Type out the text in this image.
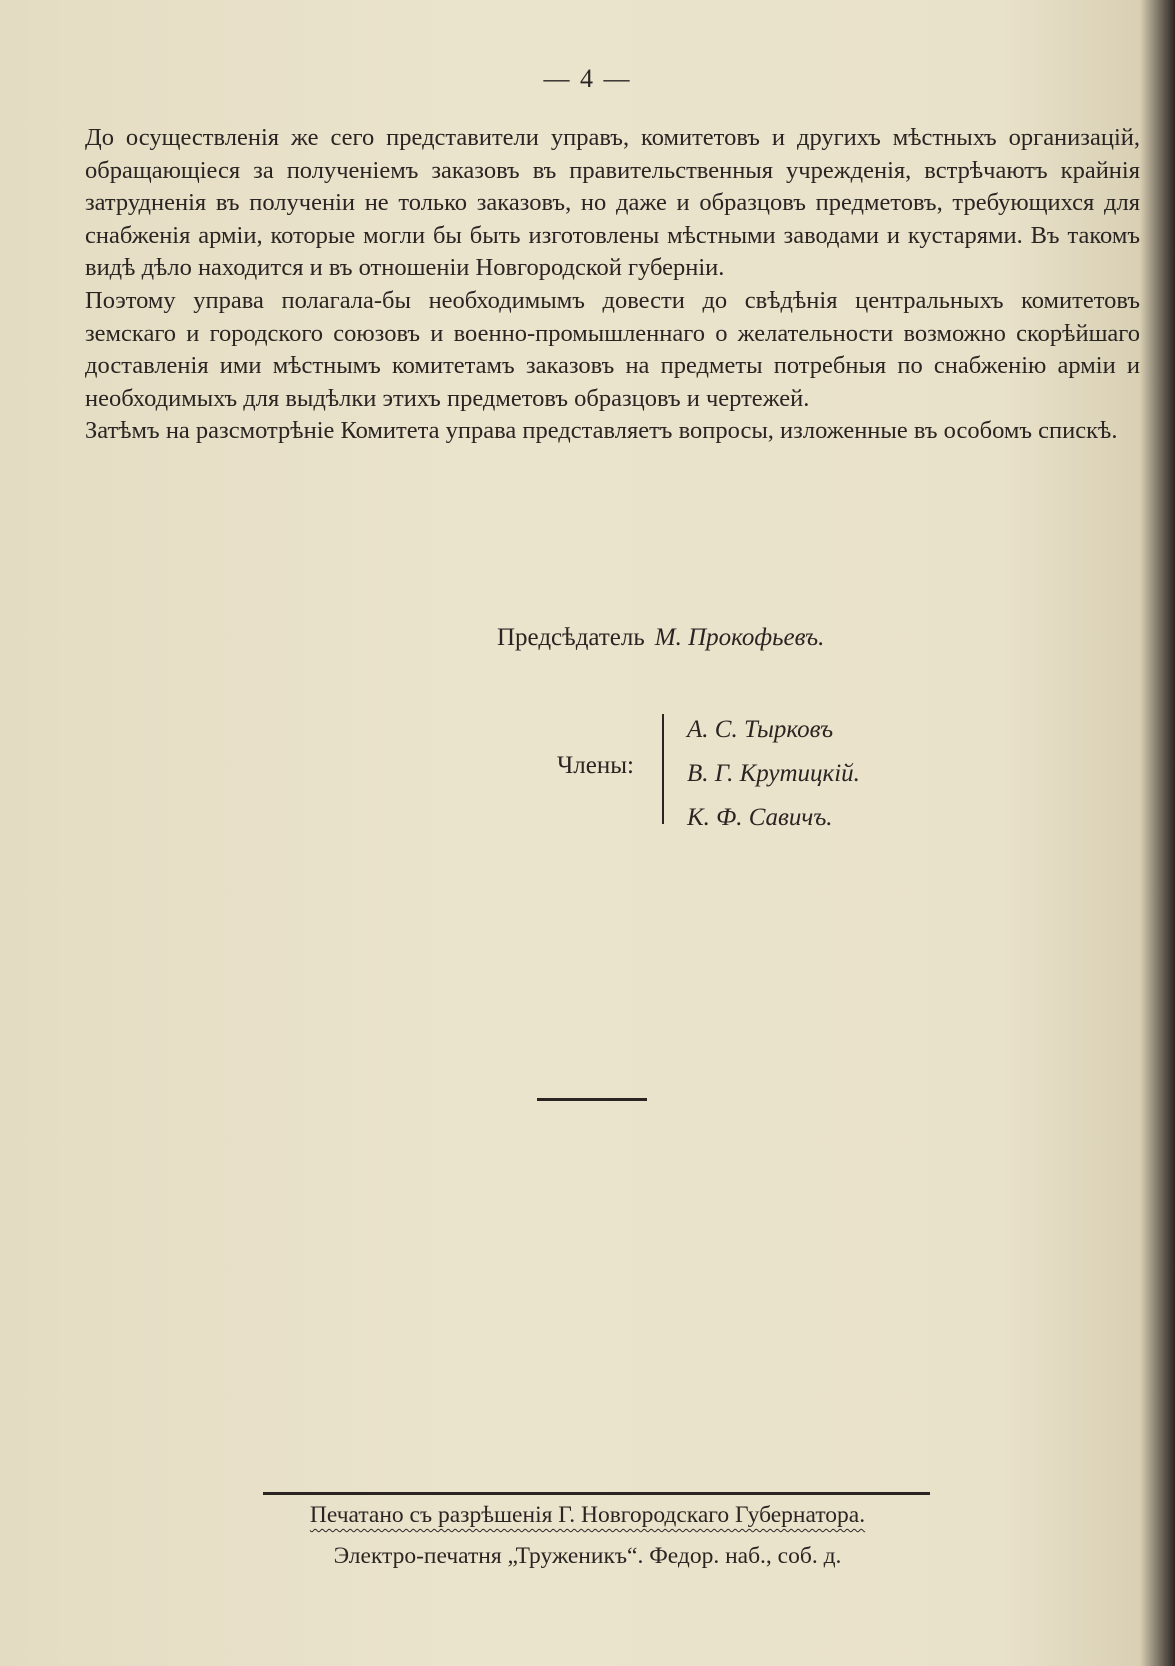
— 4 —

До осуществленія же сего представители управъ, комитетовъ и другихъ мѣстныхъ организацій, обращающіеся за полученіемъ заказовъ въ правительственныя учрежденія, встрѣчаютъ крайнія затрудненія въ полученіи не только заказовъ, но даже и образцовъ предметовъ, требующихся для снабженія арміи, которые могли бы быть изготовлены мѣстными заводами и кустарями. Въ такомъ видѣ дѣло находится и въ отношеніи Новгородской губерніи.

Поэтому управа полагала-бы необходимымъ довести до свѣдѣнія центральныхъ комитетовъ земскаго и городского союзовъ и военно-промышленнаго о желательности возможно скорѣйшаго доставленія ими мѣстнымъ комитетамъ заказовъ на предметы потребныя по снабженію арміи и необходимыхъ для выдѣлки этихъ предметовъ образцовъ и чертежей.

Затѣмъ на разсмотрѣніе Комитета управа представляетъ вопросы, изложенные въ особомъ спискѣ.

Предсѣдатель М. Прокофьевъ.
Члены:
А. С. Тырковъ
В. Г. Крутицкій.
К. Ф. Савичъ.
Печатано съ разрѣшенія Г. Новгородскаго Губернатора.
Электро-печатня „Труженикъ“. Федор. наб., соб. д.
